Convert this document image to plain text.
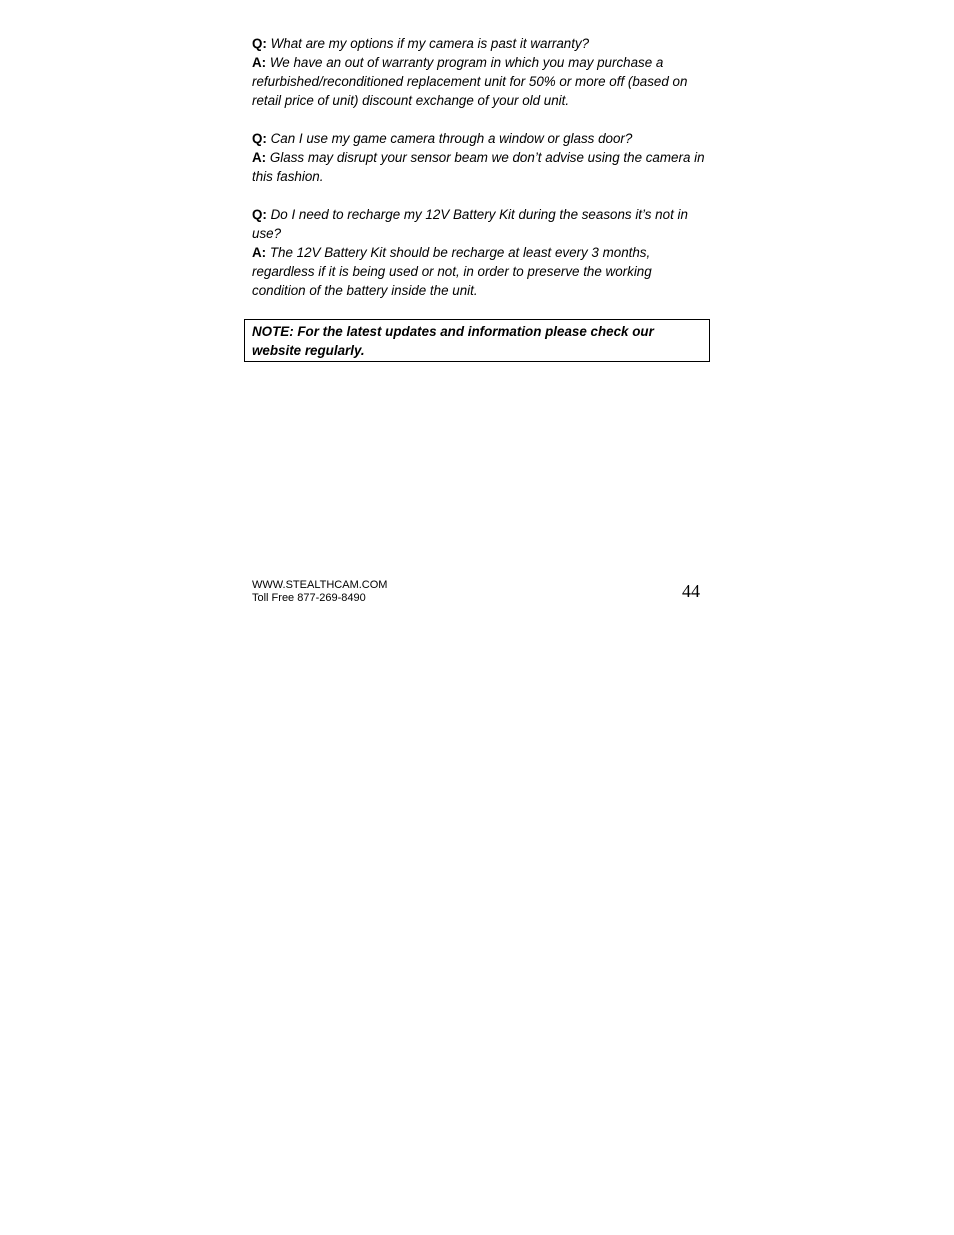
Q: What are my options if my camera is past it warranty?

A: We have an out of warranty program in which you may purchase a refurbished/reconditioned replacement unit for 50% or more off (based on retail price of unit) discount exchange of your old unit.

Q: Can I use my game camera through a window or glass door?

A: Glass may disrupt your sensor beam we don’t advise using the camera in this fashion.

Q: Do I need to recharge my 12V Battery Kit during the seasons it’s not in use?

A: The 12V Battery Kit should be recharge at least every 3 months, regardless if it is being used or not, in order to preserve the working condition of the battery inside the unit.

NOTE: For the latest updates and information please check our website regularly.
WWW.STEALTHCAM.COM
Toll Free 877-269-8490	44
